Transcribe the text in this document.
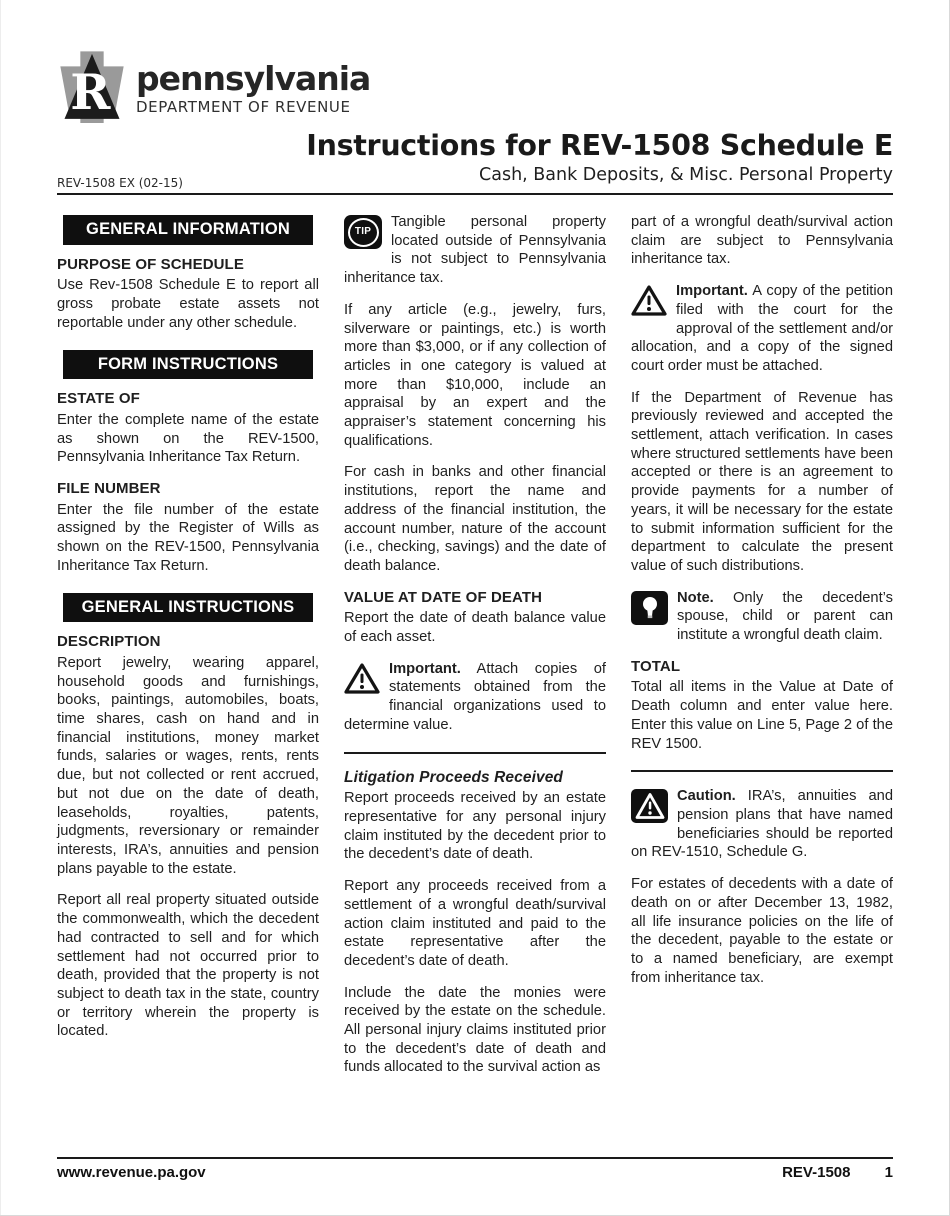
R pennsylvania
DEPARTMENT OF REVENUE
Instructions for REV-1508 Schedule E
Cash, Bank Deposits, & Misc. Personal Property
REV-1508 EX (02-15)
GENERAL INFORMATION
PURPOSE OF SCHEDULE

Use Rev-1508 Schedule E to report all gross probate estate assets not reportable under any other schedule.

FORM INSTRUCTIONS
ESTATE OF

Enter the complete name of the estate as shown on the REV-1500, Pennsylvania Inheritance Tax Return.

FILE NUMBER

Enter the file number of the estate assigned by the Register of Wills as shown on the REV-1500, Pennsylvania Inheritance Tax Return.

GENERAL INSTRUCTIONS
DESCRIPTION

Report jewelry, wearing apparel, household goods and furnishings, books, paintings, automobiles, boats, time shares, cash on hand and in financial institutions, money market funds, salaries or wages, rents, rents due, but not collected or rent accrued, but not due on the date of death, leaseholds, royalties, patents, judgments, reversionary or remainder interests, IRA’s, annuities and pension plans payable to the estate.

Report all real property situated outside the commonwealth, which the decedent had contracted to sell and for which settlement had not occurred prior to death, provided that the property is not subject to death tax in the state, country or territory wherein the property is located.

TIP
Tangible personal property located outside of Pennsylvania is not subject to Pennsylvania inheritance tax.

If any article (e.g., jewelry, furs, silverware or paintings, etc.) is worth more than $3,000, or if any collection of articles in one category is valued at more than $10,000, include an appraisal by an expert and the appraiser’s statement concerning his qualifications.

For cash in banks and other financial institutions, report the name and address of the financial institution, the account number, nature of the account (i.e., checking, savings) and the date of death balance.

VALUE AT DATE OF DEATH

Report the date of death balance value of each asset.

Important. Attach copies of statements obtained from the financial organizations used to determine value.

Litigation Proceeds Received

Report proceeds received by an estate representative for any personal injury claim instituted by the decedent prior to the decedent’s date of death.

Report any proceeds received from a settlement of a wrongful death/survival action claim instituted and paid to the estate representative after the decedent’s date of death.

Include the date the monies were received by the estate on the schedule. All personal injury claims instituted prior to the decedent’s date of death and funds allocated to the survival action as

part of a wrongful death/survival action claim are subject to Pennsylvania inheritance tax.

Important. A copy of the petition filed with the court for the approval of the settlement and/or allocation, and a copy of the signed court order must be attached.

If the Department of Revenue has previously reviewed and accepted the settlement, attach verification. In cases where structured settlements have been accepted or there is an agreement to provide payments for a number of years, it will be necessary for the estate to submit information sufficient for the department to calculate the present value of such distributions.

Note. Only the decedent’s spouse, child or parent can institute a wrongful death claim.

TOTAL

Total all items in the Value at Date of Death column and enter value here. Enter this value on Line 5, Page 2 of the REV 1500.

Caution. IRA’s, annuities and pension plans that have named beneficiaries should be reported on REV-1510, Schedule G.

For estates of decedents with a date of death on or after December 13, 1982, all life insurance policies on the life of the decedent, payable to the estate or to a named beneficiary, are exempt from inheritance tax.

www.revenue.pa.gov	REV-1508 1
